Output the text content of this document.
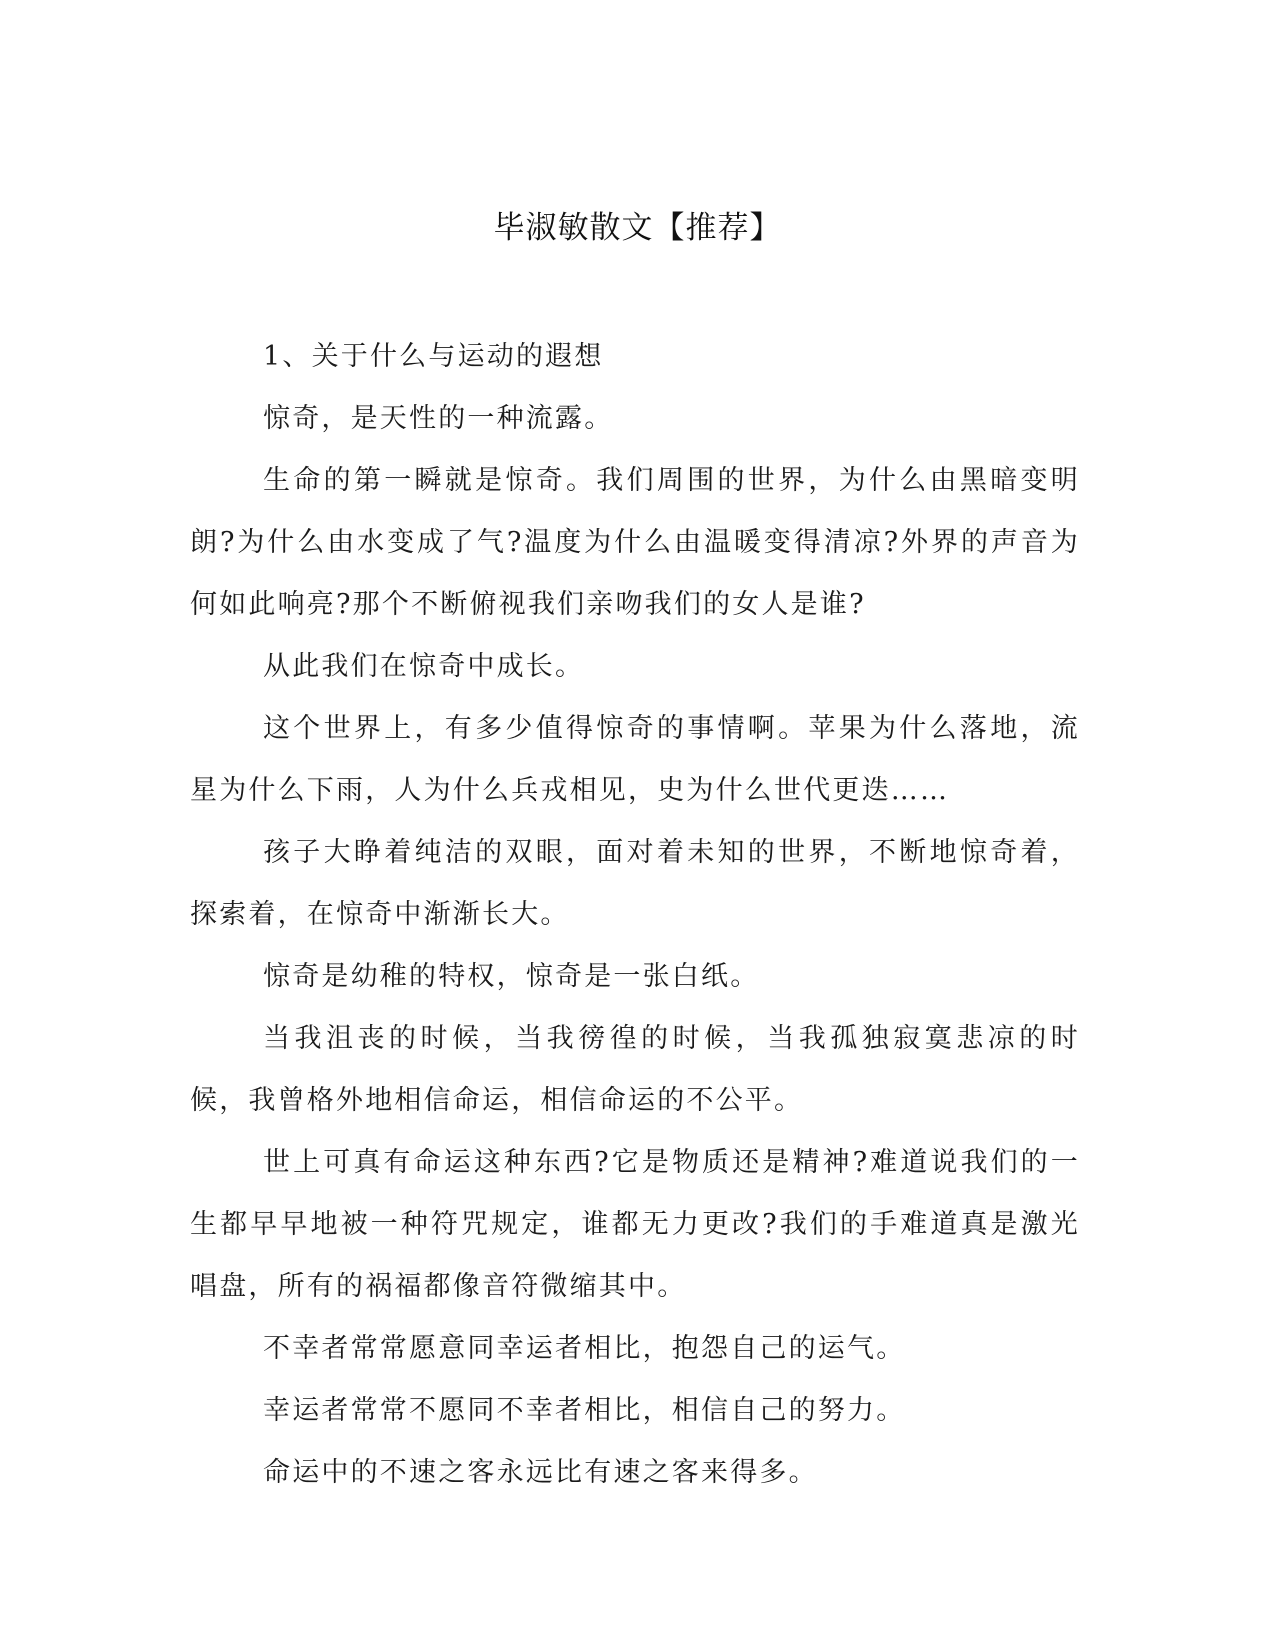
毕淑敏散文【推荐】

1、关于什么与运动的遐想

惊奇，是天性的一种流露。

生命的第一瞬就是惊奇。我们周围的世界，为什么由黑暗变明朗?为什么由水变成了气?温度为什么由温暖变得清凉?外界的声音为何如此响亮?那个不断俯视我们亲吻我们的女人是谁?

从此我们在惊奇中成长。

这个世界上，有多少值得惊奇的事情啊。苹果为什么落地，流星为什么下雨，人为什么兵戎相见，史为什么世代更迭……

孩子大睁着纯洁的双眼，面对着未知的世界，不断地惊奇着，探索着，在惊奇中渐渐长大。

惊奇是幼稚的特权，惊奇是一张白纸。

当我沮丧的时候，当我徬徨的时候，当我孤独寂寞悲凉的时候，我曾格外地相信命运，相信命运的不公平。

世上可真有命运这种东西?它是物质还是精神?难道说我们的一生都早早地被一种符咒规定，谁都无力更改?我们的手难道真是激光唱盘，所有的祸福都像音符微缩其中。

不幸者常常愿意同幸运者相比，抱怨自己的运气。

幸运者常常不愿同不幸者相比，相信自己的努力。

命运中的不速之客永远比有速之客来得多。
